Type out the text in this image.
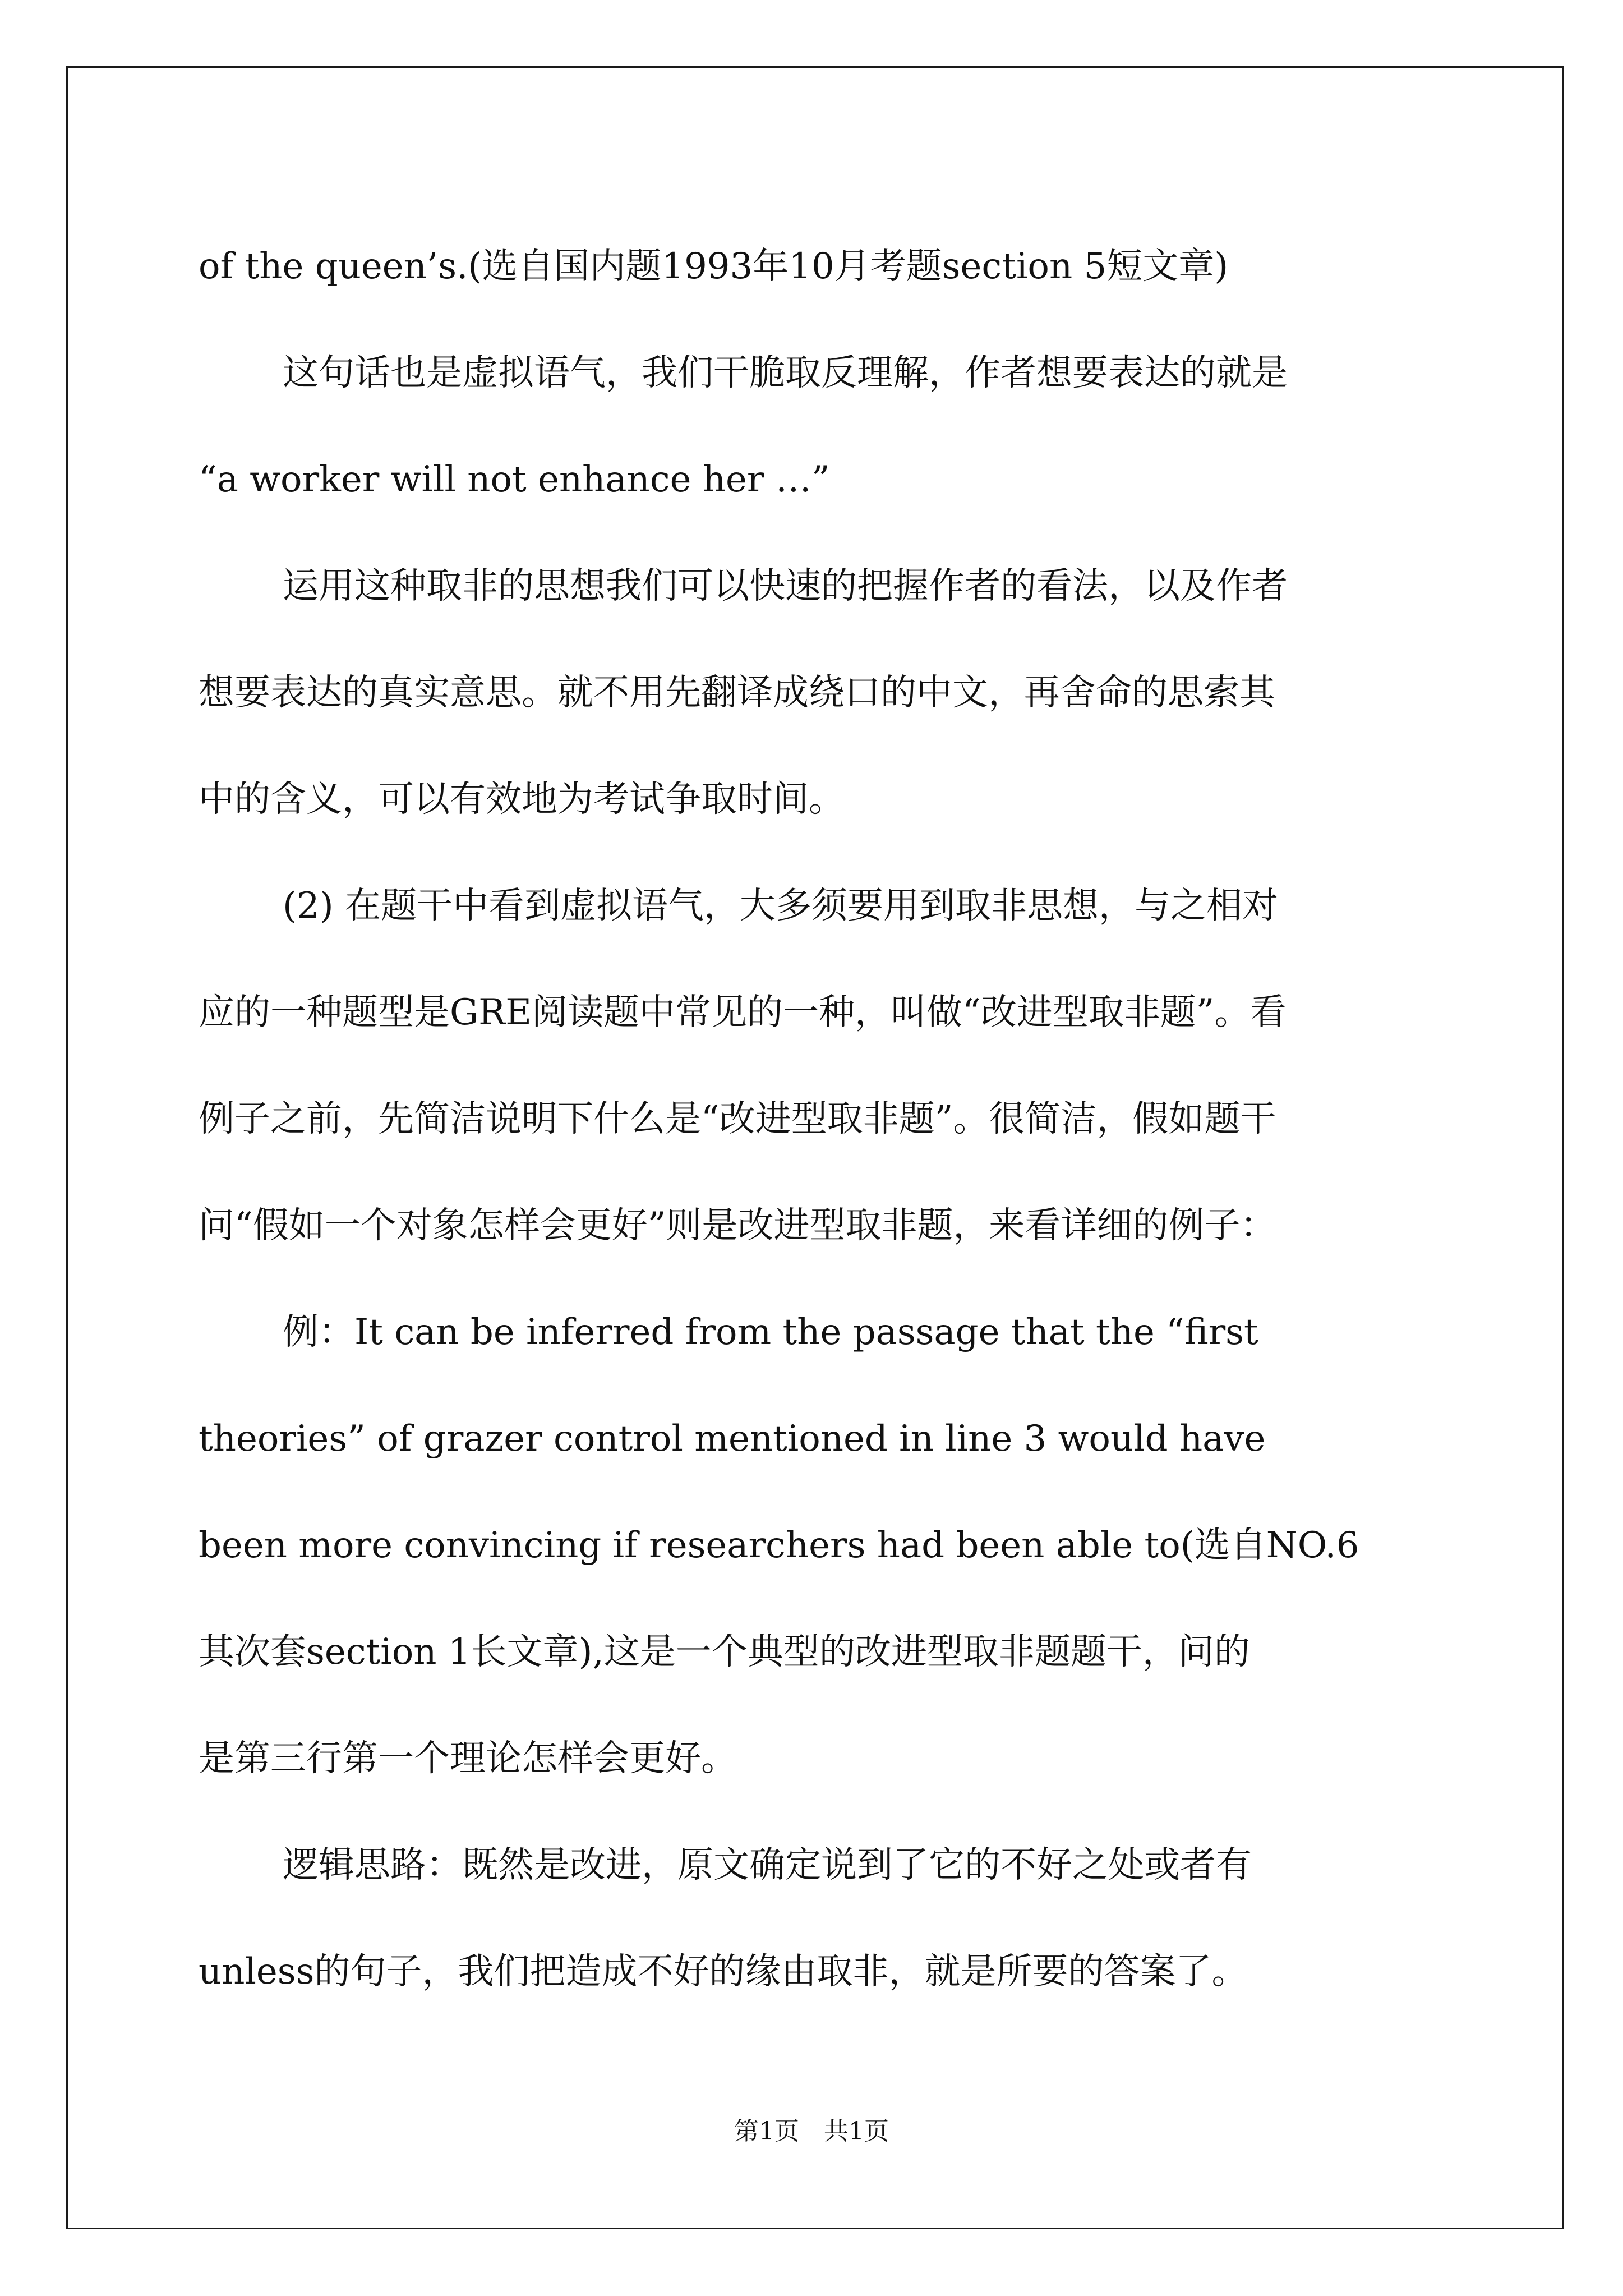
of the queen’s.(选自国内题1993年10月考题section 5短文章)
这句话也是虚拟语气，我们干脆取反理解，作者想要表达的就是
“a worker will not enhance her …”
运用这种取非的思想我们可以快速的把握作者的看法，以及作者
想要表达的真实意思。就不用先翻译成绕口的中文，再舍命的思索其
中的含义，可以有效地为考试争取时间。
(2) 在题干中看到虚拟语气，大多须要用到取非思想，与之相对
应的一种题型是GRE阅读题中常见的一种，叫做“改进型取非题”。看
例子之前，先简洁说明下什么是“改进型取非题”。很简洁，假如题干
问“假如一个对象怎样会更好”则是改进型取非题，来看详细的例子：
例：It can be inferred from the passage that the “first
theories” of grazer control mentioned in line 3 would have
been more convincing if researchers had been able to(选自NO.6
其次套section 1长文章),这是一个典型的改进型取非题题干，问的
是第三行第一个理论怎样会更好。
逻辑思路：既然是改进，原文确定说到了它的不好之处或者有
unless的句子，我们把造成不好的缘由取非，就是所要的答案了。
第1页　共1页
